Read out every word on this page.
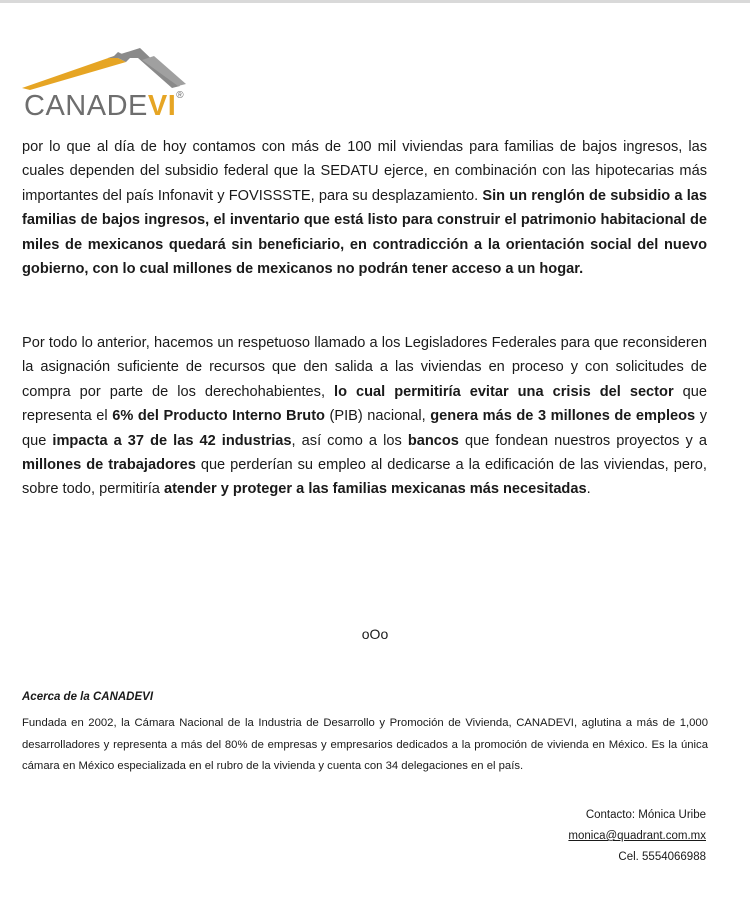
CANADEVI®

por lo que al día de hoy contamos con más de 100 mil viviendas para familias de bajos ingresos, las cuales dependen del subsidio federal que la SEDATU ejerce, en combinación con las hipotecarias más importantes del país Infonavit y FOVISSSTE, para su desplazamiento. Sin un renglón de subsidio a las familias de bajos ingresos, el inventario que está listo para construir el patrimonio habitacional de miles de mexicanos quedará sin beneficiario, en contradicción a la orientación social del nuevo gobierno, con lo cual millones de mexicanos no podrán tener acceso a un hogar.

Por todo lo anterior, hacemos un respetuoso llamado a los Legisladores Federales para que reconsideren la asignación suficiente de recursos que den salida a las viviendas en proceso y con solicitudes de compra por parte de los derechohabientes, lo cual permitiría evitar una crisis del sector que representa el 6% del Producto Interno Bruto (PIB) nacional, genera más de 3 millones de empleos y que impacta a 37 de las 42 industrias, así como a los bancos que fondean nuestros proyectos y a millones de trabajadores que perderían su empleo al dedicarse a la edificación de las viviendas, pero, sobre todo, permitiría atender y proteger a las familias mexicanas más necesitadas.

oOo
Acerca de la CANADEVI

Fundada en 2002, la Cámara Nacional de la Industria de Desarrollo y Promoción de Vivienda, CANADEVI, aglutina a más de 1,000 desarrolladores y representa a más del 80% de empresas y empresarios dedicados a la promoción de vivienda en México. Es la única cámara en México especializada en el rubro de la vivienda y cuenta con 34 delegaciones en el país.

Contacto: Mónica Uribe
monica@quadrant.com.mx
Cel. 5554066988
